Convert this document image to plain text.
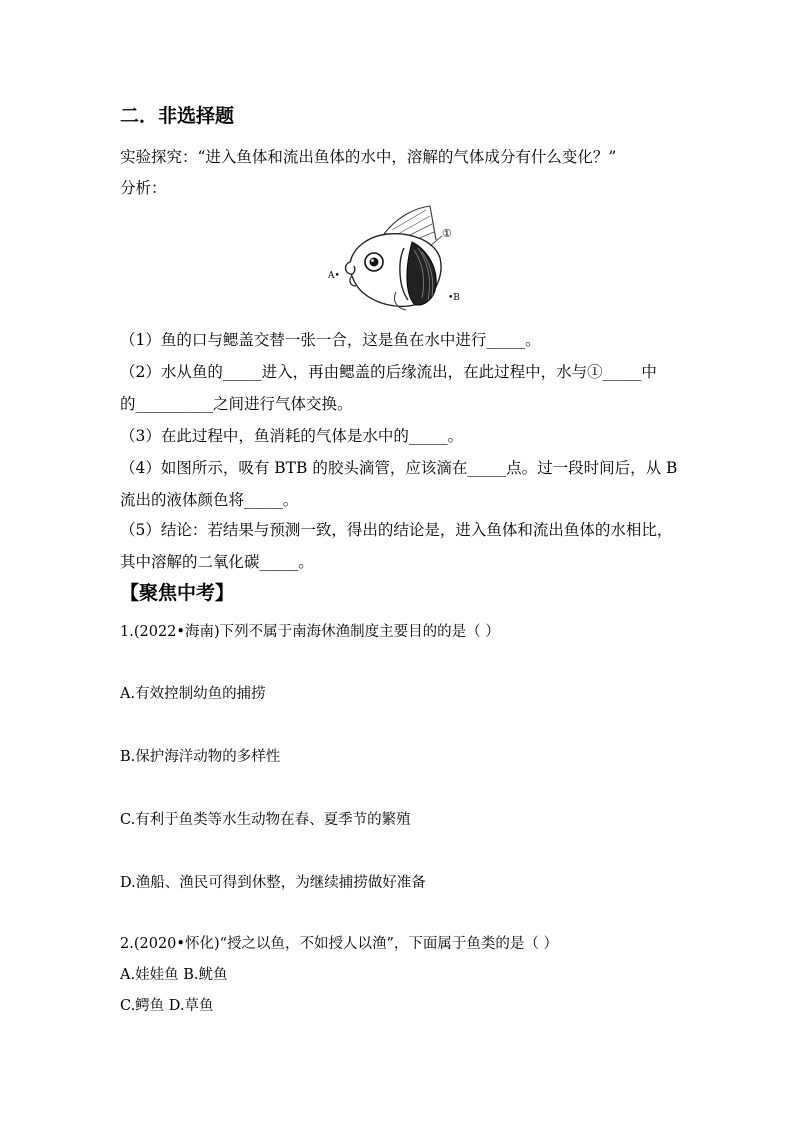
二．非选择题
实验探究：“进入鱼体和流出鱼体的水中，溶解的气体成分有什么变化？”
分析：
①
A•
•B
（1）鱼的口与鳃盖交替一张一合，这是鱼在水中进行_____。
（2）水从鱼的_____进入，再由鳃盖的后缘流出，在此过程中，水与①_____中
的__________之间进行气体交换。
（3）在此过程中，鱼消耗的气体是水中的_____。
（4）如图所示，吸有 BTB 的胶头滴管，应该滴在_____点。过一段时间后，从 B
流出的液体颜色将_____。
（5）结论：若结果与预测一致，得出的结论是，进入鱼体和流出鱼体的水相比，
其中溶解的二氧化碳_____。
【聚焦中考】
1.(2022•海南)下列不属于南海休渔制度主要目的的是（ ）
A.有效控制幼鱼的捕捞
B.保护海洋动物的多样性
C.有利于鱼类等水生动物在春、夏季节的繁殖
D.渔船、渔民可得到休整，为继续捕捞做好准备
2.(2020•怀化)“授之以鱼，不如授人以渔”，下面属于鱼类的是（ ）
A.娃娃鱼 B.鱿鱼
C.鳄鱼 D.草鱼
